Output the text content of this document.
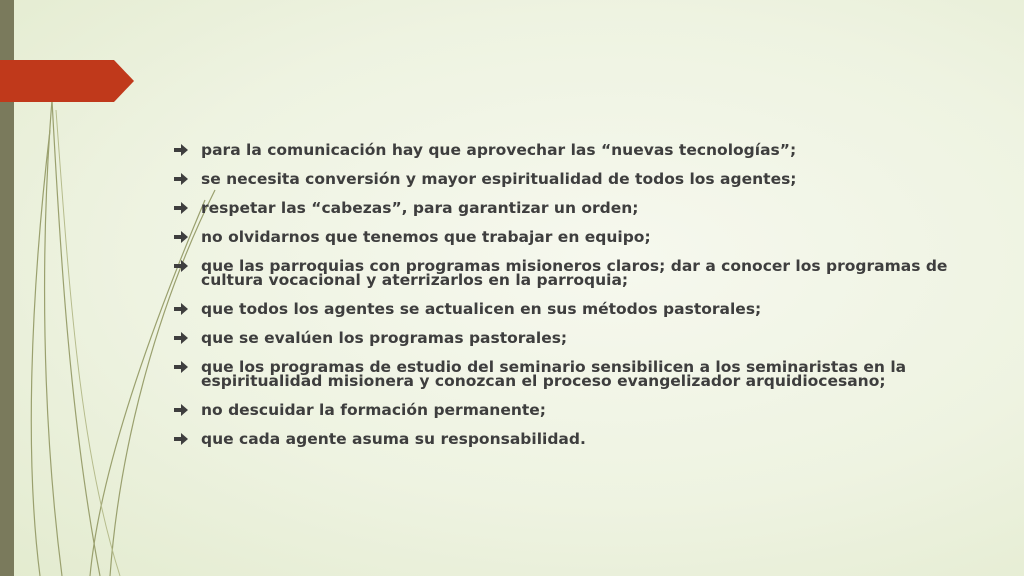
para la comunicación hay que aprovechar las “nuevas tecnologías”;
se necesita conversión y mayor espiritualidad de todos los agentes;
respetar las “cabezas”, para garantizar un orden;
no olvidarnos que tenemos que trabajar en equipo;
que las parroquias con programas misioneros claros; dar a conocer los programas de cultura vocacional y aterrizarlos en la parroquia;
que todos los agentes se actualicen en sus métodos pastorales;
que se evalúen los programas pastorales;
que los programas de estudio del seminario sensibilicen a los seminaristas en la espiritualidad misionera y conozcan el proceso evangelizador arquidiocesano;
no descuidar la formación permanente;
que cada agente asuma su responsabilidad.
